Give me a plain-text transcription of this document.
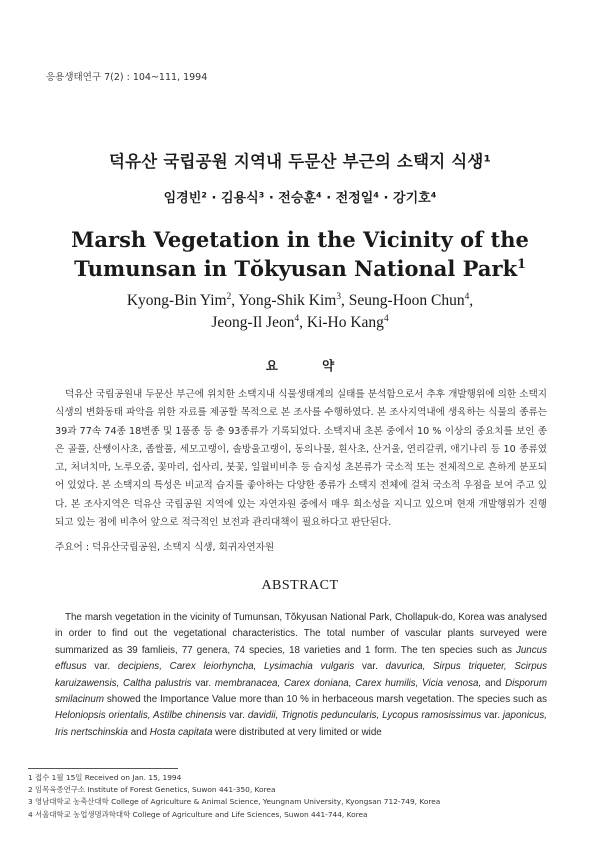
응용생태연구 7(2) : 104~111, 1994
덕유산 국립공원 지역내 두문산 부근의 소택지 식생¹
임경빈² · 김용식³ · 전승훈⁴ · 전정일⁴ · 강기호⁴
Marsh Vegetation in the Vicinity of the
Tumunsan in Tŏkyusan National Park$^1$
Kyong-Bin Yim$^2$, Yong-Shik Kim$^3$, Seung-Hoon Chun$^4$,
Jeong-Il Jeon$^4$, Ki-Ho Kang$^4$
요 약

덕유산 국립공원내 두문산 부근에 위치한 소택지내 식물생태계의 실태를 분석함으로서 추후 개발행위에 의한 소택지 식생의 변화동태 파악을 위한 자료를 제공할 목적으로 본 조사를 수행하였다. 본 조사지역내에 생육하는 식물의 종류는 39과 77속 74종 18변종 및 1품종 등 총 93종류가 기록되었다. 소택지내 초본 중에서 10 % 이상의 중요치를 보인 종은 골풀, 산쌩이사초, 좁쌀풀, 세모고랭이, 솔방울고랭이, 동의나물, 흰사초, 산거울, 연리갈퀴, 애기나리 등 10 종류였고, 처녀치마, 노루오줌, 꽃마리, 쉽사리, 붓꽃, 일월비비추 등 습지성 초본류가 국소적 또는 전체적으로 흔하게 분포되어 있었다. 본 소택지의 특성은 비교적 습지를 좋아하는 다양한 종류가 소택지 전체에 걸쳐 국소적 우점을 보여 주고 있다. 본 조사지역은 덕유산 국립공원 지역에 있는 자연자원 중에서 매우 희소성을 지니고 있으며 현재 개발행위가 진행되고 있는 점에 비추어 앞으로 적극적인 보전과 관리대책이 필요하다고 판단된다.

주요어 : 덕유산국립공원, 소택지 식생, 회귀자연자원
ABSTRACT

The marsh vegetation in the vicinity of Tumunsan, Tŏkyusan National Park, Chollapuk-do, Korea was analysed in order to find out the vegetational characteristics. The total number of vascular plants surveyed were summarized as 39 famlieis, 77 genera, 74 species, 18 varieties and 1 form. The ten species such as Juncus effusus var. decipiens, Carex leiorhyncha, Lysimachia vulgaris var. davurica, Sirpus triqueter, Scirpus karuizawensis, Caltha palustris var. membranacea, Carex doniana, Carex humilis, Vicia venosa, and Disporum smilacinum showed the Importance Value more than 10 % in herbaceous marsh vegetation. The species such as Heloniopsis orientalis, Astilbe chinensis var. davidii, Trignotis peduncularis, Lycopus ramosissimus var. japonicus, Iris nertschinskia and Hosta capitata were distributed at very limited or wide

1 접수 1월 15일 Received on Jan. 15, 1994
2 임목육종연구소 Institute of Forest Genetics, Suwon 441-350, Korea
3 영남대학교 농축산대학 College of Agriculture & Animal Science, Yeungnam University, Kyongsan 712-749, Korea
4 서울대학교 농업생명과학대학 College of Agriculture and Life Sciences, Suwon 441-744, Korea
